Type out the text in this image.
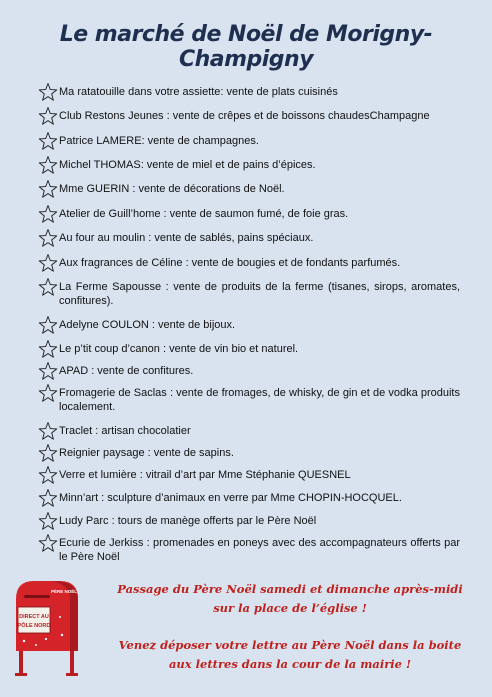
Le marché de Noël de Morigny-Champigny
Ma ratatouille dans votre assiette: vente de plats cuisinés
Club Restons Jeunes : vente de crêpes et de boissons chaudesChampagne
Patrice LAMERE: vente de champagnes.
Michel THOMAS: vente de miel et de pains d’épices.
Mme GUERIN : vente de décorations de Noël.
Atelier de Guill’home : vente de saumon fumé, de foie gras.
Au four au moulin : vente de sablés, pains spéciaux.
Aux fragrances de Céline : vente de bougies et de fondants parfumés.
La Ferme Sapousse : vente de produits de la ferme (tisanes, sirops, aromates, confitures).
Adelyne COULON : vente de bijoux.
Le p’tit coup d’canon : vente de vin bio et naturel.
APAD : vente de confitures.
Fromagerie de Saclas : vente de fromages, de whisky, de gin et de vodka produits localement.
Traclet : artisan chocolatier
Reignier paysage : vente de sapins.
Verre et lumière : vitrail d’art par Mme Stéphanie QUESNEL
Minn’art : sculpture d’animaux en verre par Mme CHOPIN-HOCQUEL.
Ludy Parc : tours de manège offerts par le Père Noël
Ecurie de Jerkiss : promenades en poneys avec des accompagnateurs offerts par le Père Noël
Passage du Père Noël samedi et dimanche après-midi
sur la place de l’église !
Venez déposer votre lettre au Père Noël dans la boite
aux lettres dans la cour de la mairie !
DIRECT AU
PÔLE NORD
PÈRE NOËL
